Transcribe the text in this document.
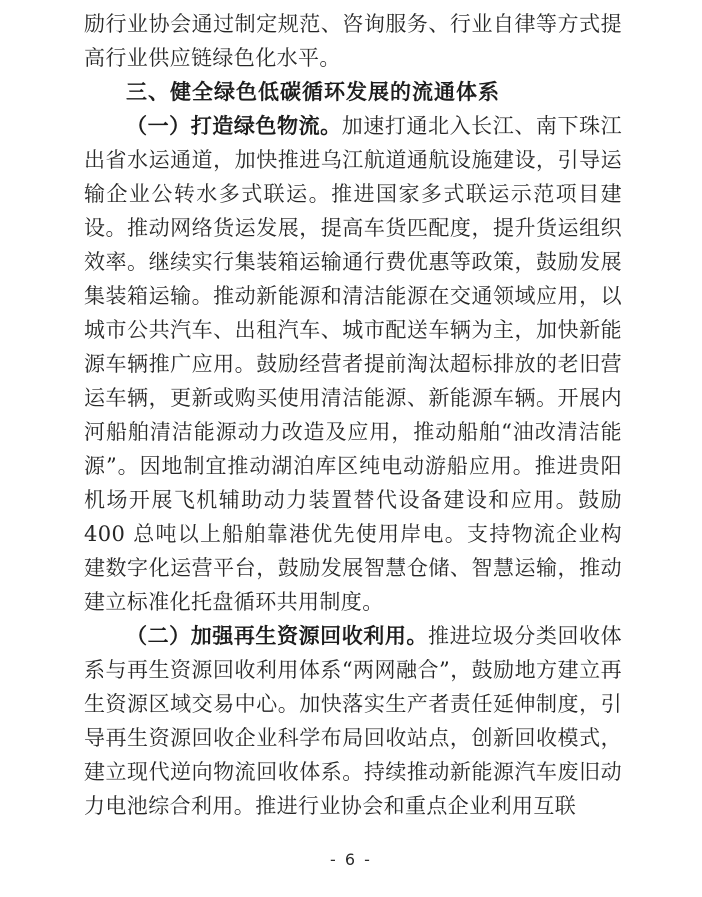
励行业协会通过制定规范、咨询服务、行业自律等方式提高行业供应链绿色化水平。

三、健全绿色低碳循环发展的流通体系

（一）打造绿色物流。加速打通北入长江、南下珠江出省水运通道，加快推进乌江航道通航设施建设，引导运输企业公转水多式联运。推进国家多式联运示范项目建设。推动网络货运发展，提高车货匹配度，提升货运组织效率。继续实行集装箱运输通行费优惠等政策，鼓励发展集装箱运输。推动新能源和清洁能源在交通领域应用，以城市公共汽车、出租汽车、城市配送车辆为主，加快新能源车辆推广应用。鼓励经营者提前淘汰超标排放的老旧营运车辆，更新或购买使用清洁能源、新能源车辆。开展内河船舶清洁能源动力改造及应用，推动船舶“油改清洁能源”。因地制宜推动湖泊库区纯电动游船应用。推进贵阳机场开展飞机辅助动力装置替代设备建设和应用。鼓励 400 总吨以上船舶靠港优先使用岸电。支持物流企业构建数字化运营平台，鼓励发展智慧仓储、智慧运输，推动建立标准化托盘循环共用制度。

（二）加强再生资源回收利用。推进垃圾分类回收体系与再生资源回收利用体系“两网融合”，鼓励地方建立再生资源区域交易中心。加快落实生产者责任延伸制度，引导再生资源回收企业科学布局回收站点，创新回收模式，建立现代逆向物流回收体系。持续推动新能源汽车废旧动力电池综合利用。推进行业协会和重点企业利用互联

- 6 -
